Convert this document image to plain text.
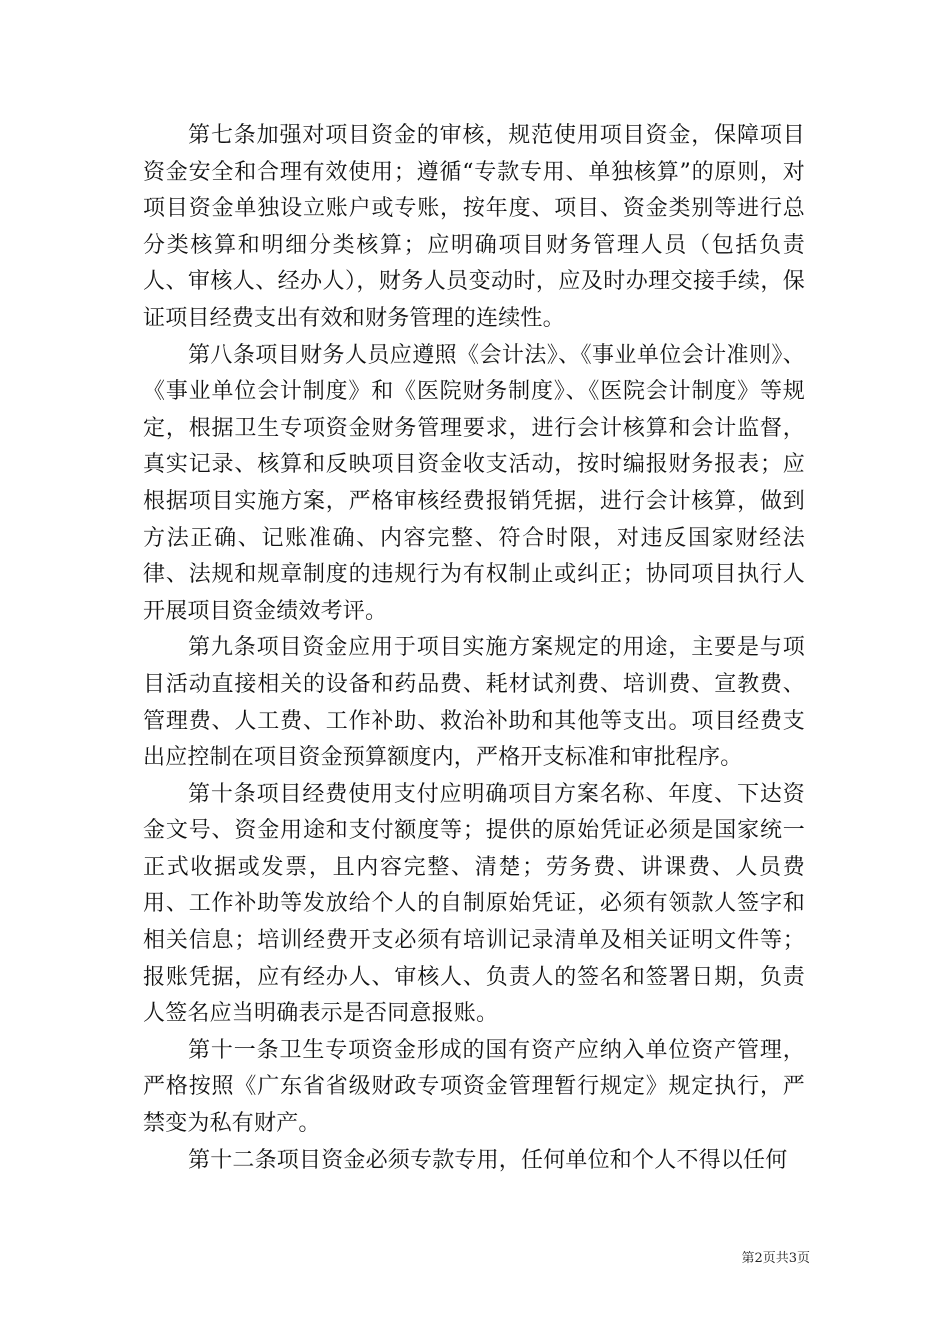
第七条加强对项目资金的审核，规范使用项目资金，保障项目资金安全和合理有效使用；遵循“专款专用、单独核算”的原则，对项目资金单独设立账户或专账，按年度、项目、资金类别等进行总分类核算和明细分类核算；应明确项目财务管理人员（包括负责人、审核人、经办人），财务人员变动时，应及时办理交接手续，保证项目经费支出有效和财务管理的连续性。

第八条项目财务人员应遵照《会计法》、《事业单位会计准则》、《事业单位会计制度》和《医院财务制度》、《医院会计制度》等规定，根据卫生专项资金财务管理要求，进行会计核算和会计监督，真实记录、核算和反映项目资金收支活动，按时编报财务报表；应根据项目实施方案，严格审核经费报销凭据，进行会计核算，做到方法正确、记账准确、内容完整、符合时限，对违反国家财经法律、法规和规章制度的违规行为有权制止或纠正；协同项目执行人开展项目资金绩效考评。

第九条项目资金应用于项目实施方案规定的用途，主要是与项目活动直接相关的设备和药品费、耗材试剂费、培训费、宣教费、管理费、人工费、工作补助、救治补助和其他等支出。项目经费支出应控制在项目资金预算额度内，严格开支标准和审批程序。

第十条项目经费使用支付应明确项目方案名称、年度、下达资金文号、资金用途和支付额度等；提供的原始凭证必须是国家统一正式收据或发票，且内容完整、清楚；劳务费、讲课费、人员费用、工作补助等发放给个人的自制原始凭证，必须有领款人签字和相关信息；培训经费开支必须有培训记录清单及相关证明文件等；报账凭据，应有经办人、审核人、负责人的签名和签署日期，负责人签名应当明确表示是否同意报账。

第十一条卫生专项资金形成的国有资产应纳入单位资产管理，严格按照《广东省省级财政专项资金管理暂行规定》规定执行，严禁变为私有财产。

第十二条项目资金必须专款专用，任何单位和个人不得以任何

第2页共3页
